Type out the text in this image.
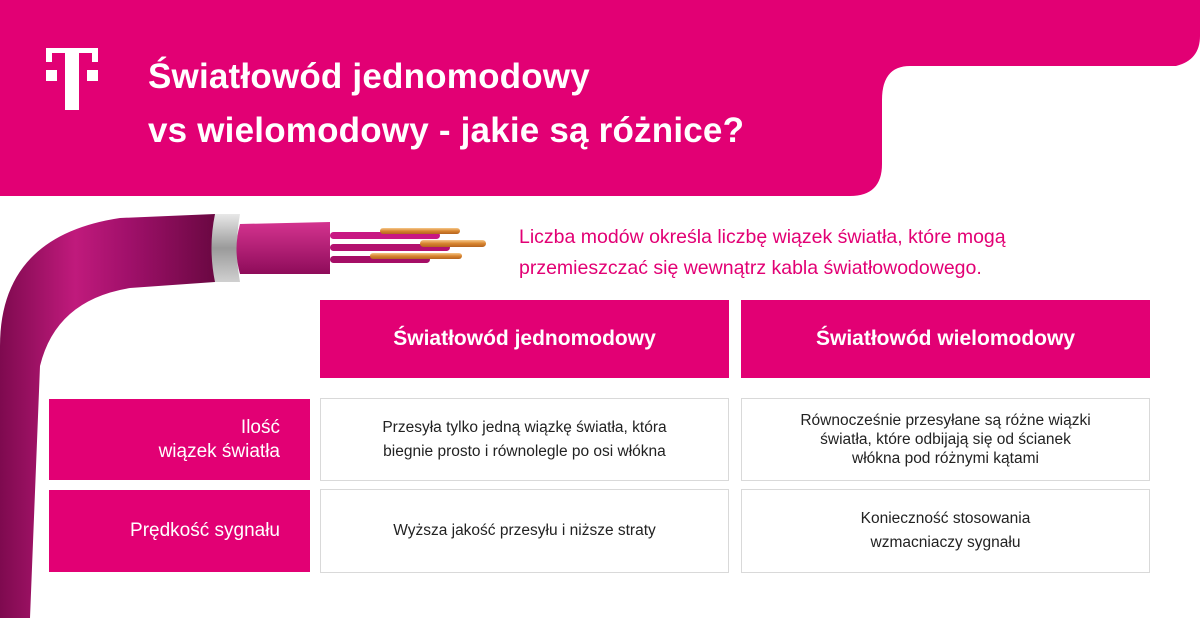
Światłowód jednomodowy
vs wielomodowy - jakie są różnice?

Liczba modów określa liczbę wiązek światła, które mogą
przemieszczać się wewnątrz kabla światłowodowego.

Światłowód jednomodowy	Światłowód wielomodowy
Ilość
wiązek światła
Przesyła tylko jedną wiązkę światła, która
biegnie prosto i równolegle po osi włókna
Równocześnie przesyłane są różne wiązki
światła, które odbijają się od ścianek
włókna pod różnymi kątami
Prędkość sygnału	Wyższa jakość przesyłu i niższe straty
Konieczność stosowania
wzmacniaczy sygnału
